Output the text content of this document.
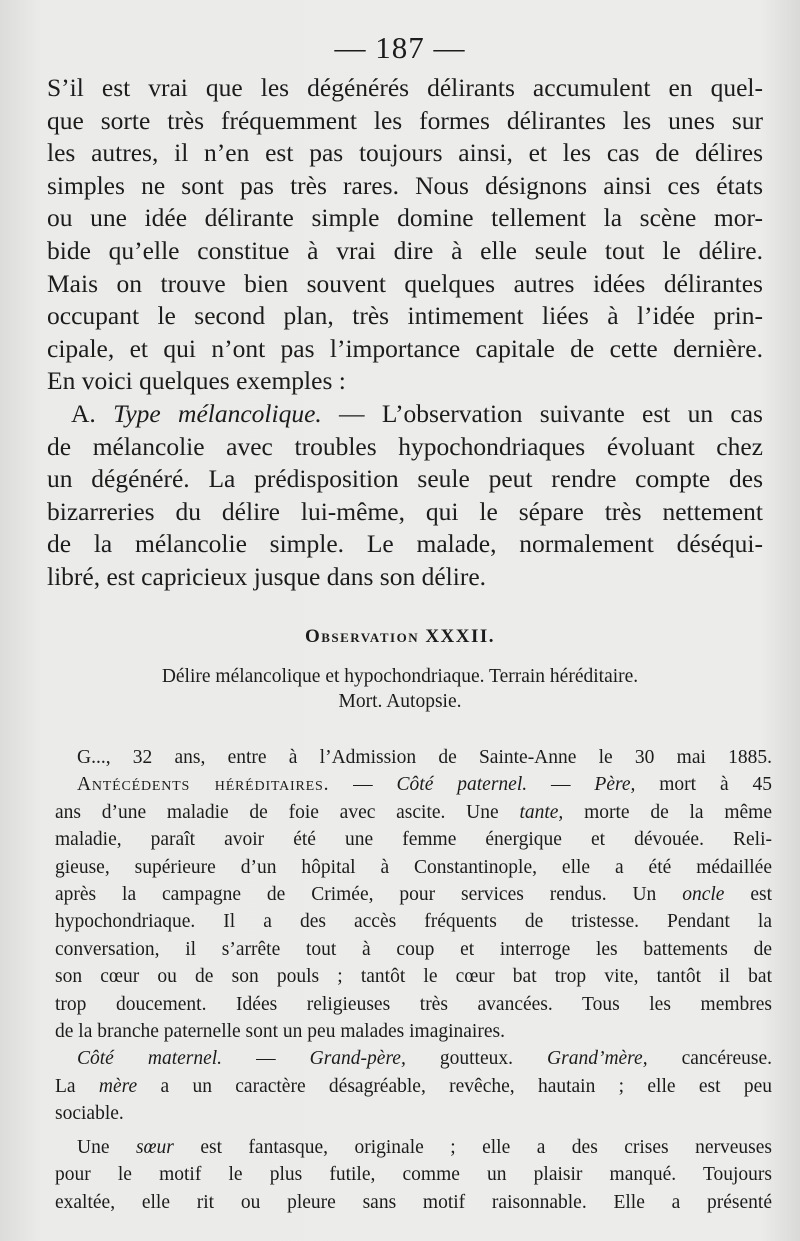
— 187 —
S’il est vrai que les dégénérés délirants accumulent en quel-
que sorte très fréquemment les formes délirantes les unes sur
les autres, il n’en est pas toujours ainsi, et les cas de délires
simples ne sont pas très rares. Nous désignons ainsi ces états
ou une idée délirante simple domine tellement la scène mor-
bide qu’elle constitue à vrai dire à elle seule tout le délire.
Mais on trouve bien souvent quelques autres idées délirantes
occupant le second plan, très intimement liées à l’idée prin-
cipale, et qui n’ont pas l’importance capitale de cette dernière.
En voici quelques exemples :
A. Type mélancolique. — L’observation suivante est un cas
de mélancolie avec troubles hypochondriaques évoluant chez
un dégénéré. La prédisposition seule peut rendre compte des
bizarreries du délire lui-même, qui le sépare très nettement
de la mélancolie simple. Le malade, normalement déséqui-
libré, est capricieux jusque dans son délire.
Observation XXXII.
Délire mélancolique et hypochondriaque. Terrain héréditaire.
Mort. Autopsie.
G..., 32 ans, entre à l’Admission de Sainte-Anne le 30 mai 1885.
Antécédents héréditaires. — Côté paternel. — Père, mort à 45
ans d’une maladie de foie avec ascite. Une tante, morte de la même
maladie, paraît avoir été une femme énergique et dévouée. Reli-
gieuse, supérieure d’un hôpital à Constantinople, elle a été médaillée
après la campagne de Crimée, pour services rendus. Un oncle est
hypochondriaque. Il a des accès fréquents de tristesse. Pendant la
conversation, il s’arrête tout à coup et interroge les battements de
son cœur ou de son pouls ; tantôt le cœur bat trop vite, tantôt il bat
trop doucement. Idées religieuses très avancées. Tous les membres
de la branche paternelle sont un peu malades imaginaires.
Côté maternel. — Grand-père, goutteux. Grand’mère, cancéreuse.
La mère a un caractère désagréable, revêche, hautain ; elle est peu
sociable.
Une sœur est fantasque, originale ; elle a des crises nerveuses
pour le motif le plus futile, comme un plaisir manqué. Toujours
exaltée, elle rit ou pleure sans motif raisonnable. Elle a présenté
